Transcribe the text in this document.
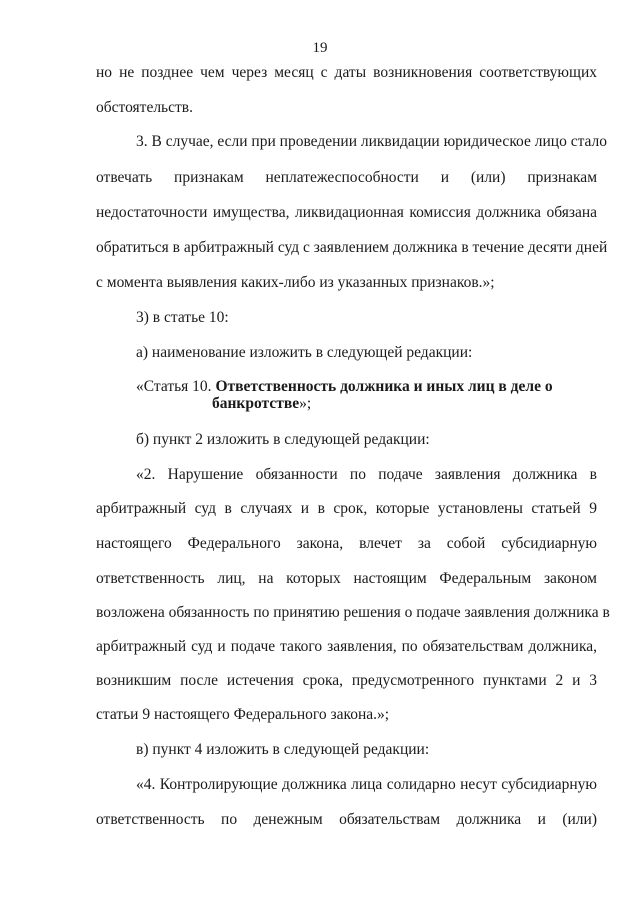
19
но не позднее чем через месяц с даты возникновения соответствующих
обстоятельств.
3. В случае, если при проведении ликвидации юридическое лицо стало
отвечать признакам неплатежеспособности и (или) признакам
недостаточности имущества, ликвидационная комиссия должника обязана
обратиться в арбитражный суд с заявлением должника в течение десяти дней
с момента выявления каких-либо из указанных признаков.»;
3) в статье 10:
а) наименование изложить в следующей редакции:
«Статья 10. Ответственность должника и иных лиц в деле о
банкротстве»;
б) пункт 2 изложить в следующей редакции:
«2. Нарушение обязанности по подаче заявления должника в
арбитражный суд в случаях и в срок, которые установлены статьей 9
настоящего Федерального закона, влечет за собой субсидиарную
ответственность лиц, на которых настоящим Федеральным законом
возложена обязанность по принятию решения о подаче заявления должника в
арбитражный суд и подаче такого заявления, по обязательствам должника,
возникшим после истечения срока, предусмотренного пунктами 2 и 3
статьи 9 настоящего Федерального закона.»;
в) пункт 4 изложить в следующей редакции:
«4. Контролирующие должника лица солидарно несут субсидиарную
ответственность по денежным обязательствам должника и (или)
